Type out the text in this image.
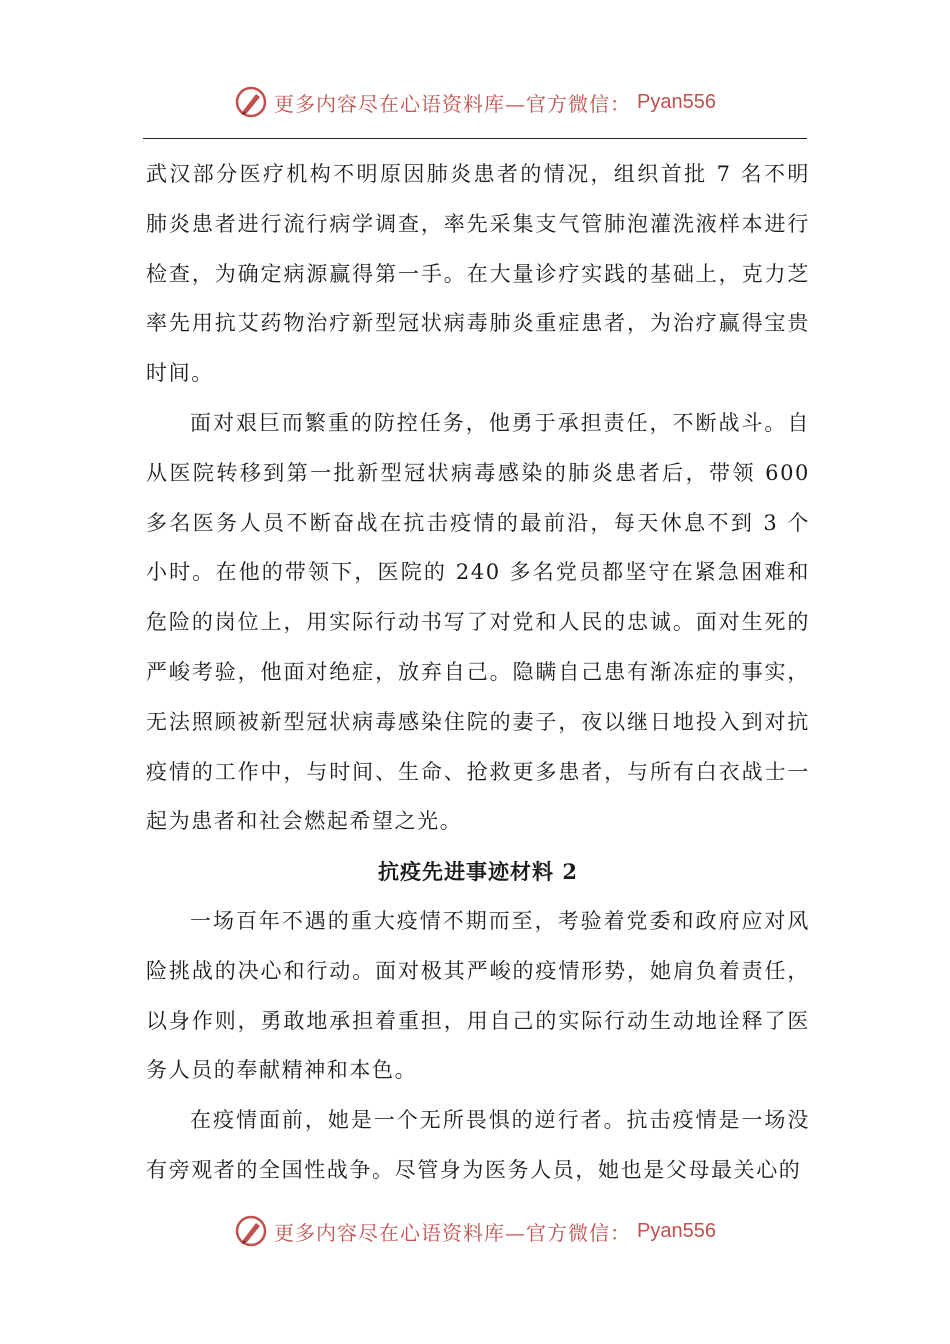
更多内容尽在心语资料库—官方微信： Pyan556

武汉部分医疗机构不明原因肺炎患者的情况，组织首批 7 名不明肺炎患者进行流行病学调查，率先采集支气管肺泡灌洗液样本进行检查，为确定病源赢得第一手。在大量诊疗实践的基础上，克力芝率先用抗艾药物治疗新型冠状病毒肺炎重症患者，为治疗赢得宝贵时间。

面对艰巨而繁重的防控任务，他勇于承担责任，不断战斗。自从医院转移到第一批新型冠状病毒感染的肺炎患者后，带领 600 多名医务人员不断奋战在抗击疫情的最前沿，每天休息不到 3 个小时。在他的带领下，医院的 240 多名党员都坚守在紧急困难和危险的岗位上，用实际行动书写了对党和人民的忠诚。面对生死的严峻考验，他面对绝症，放弃自己。隐瞒自己患有渐冻症的事实，无法照顾被新型冠状病毒感染住院的妻子，夜以继日地投入到对抗疫情的工作中，与时间、生命、抢救更多患者，与所有白衣战士一起为患者和社会燃起希望之光。

抗疫先进事迹材料 2

一场百年不遇的重大疫情不期而至，考验着党委和政府应对风险挑战的决心和行动。面对极其严峻的疫情形势，她肩负着责任，以身作则，勇敢地承担着重担，用自己的实际行动生动地诠释了医务人员的奉献精神和本色。

在疫情面前，她是一个无所畏惧的逆行者。抗击疫情是一场没有旁观者的全国性战争。尽管身为医务人员，她也是父母最关心的

更多内容尽在心语资料库—官方微信： Pyan556
